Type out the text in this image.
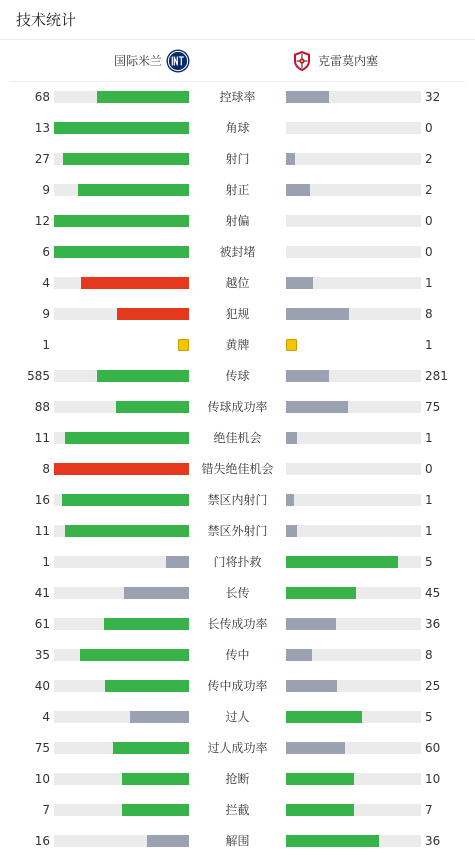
技术统计
国际米兰	克雷莫内塞
68	控球率	32
13	角球	0
27	射门	2
9	射正	2
12	射偏	0
6	被封堵	0
4	越位	1
9	犯规	8
1	黄牌	1
585	传球	281
88	传球成功率	75
11	绝佳机会	1
8	错失绝佳机会	0
16	禁区内射门	1
11	禁区外射门	1
1	门将扑救	5
41	长传	45
61	长传成功率	36
35	传中	8
40	传中成功率	25
4	过人	5
75	过人成功率	60
10	抢断	10
7	拦截	7
16	解围	36
